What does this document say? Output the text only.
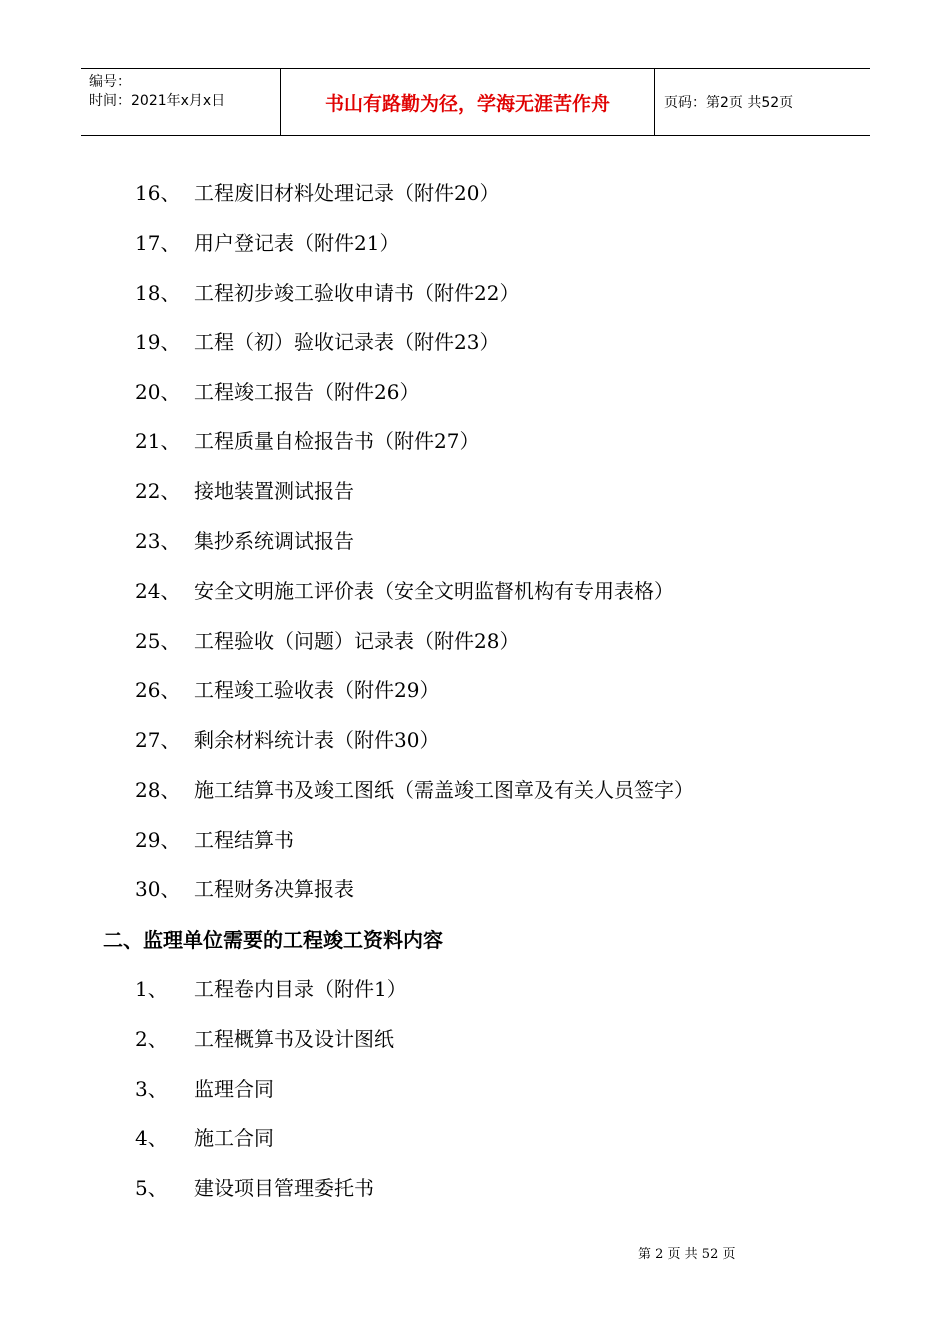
编号：
时间：2021年x月x日	书山有路勤为径，学海无涯苦作舟	页码：第2页 共52页
16、 工程废旧材料处理记录（附件20）
17、 用户登记表（附件21）
18、 工程初步竣工验收申请书（附件22）
19、 工程（初）验收记录表（附件23）
20、 工程竣工报告（附件26）
21、 工程质量自检报告书（附件27）
22、 接地装置测试报告
23、 集抄系统调试报告
24、 安全文明施工评价表（安全文明监督机构有专用表格）
25、 工程验收（问题）记录表（附件28）
26、 工程竣工验收表（附件29）
27、 剩余材料统计表（附件30）
28、 施工结算书及竣工图纸（需盖竣工图章及有关人员签字）
29、 工程结算书
30、 工程财务决算报表
二、监理单位需要的工程竣工资料内容
1、 工程卷内目录（附件1）
2、 工程概算书及设计图纸
3、 监理合同
4、 施工合同
5、 建设项目管理委托书
第 2 页 共 52 页
